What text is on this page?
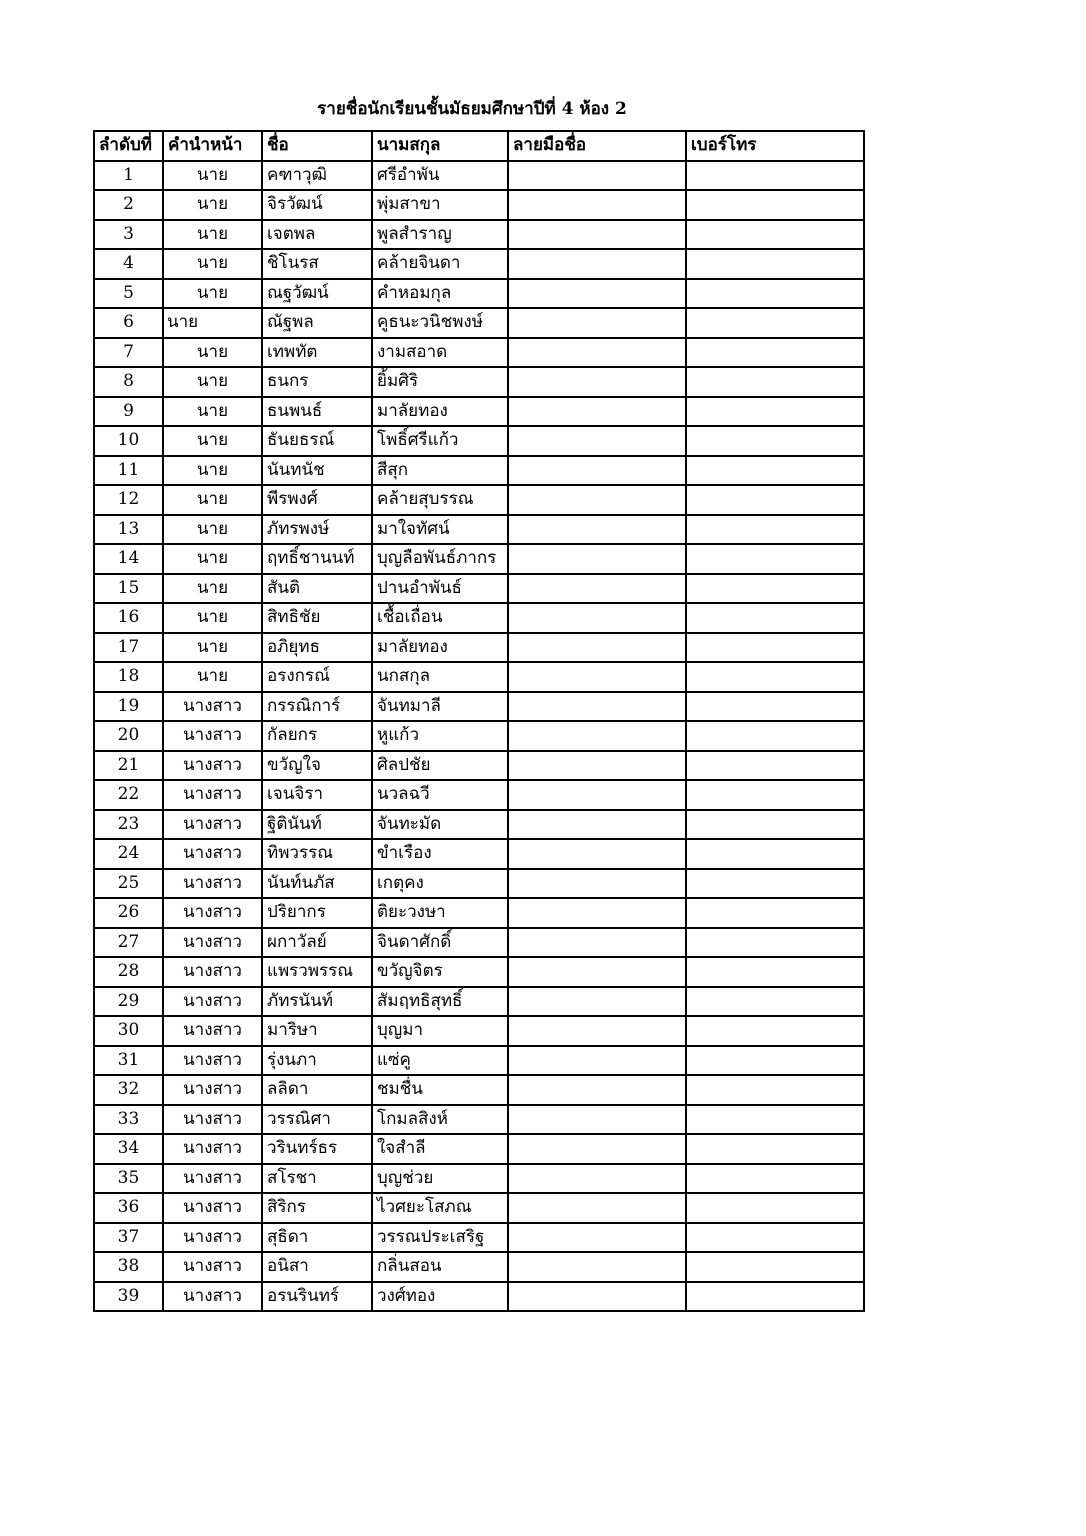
รายชื่อนักเรียนชั้นมัธยมศึกษาปีที่ 4 ห้อง 2
ลำดับที่	คำนำหน้า	ชื่อ	นามสกุล	ลายมือชื่อ	เบอร์โทร
1	นาย	คฑาวุฒิ	ศรีอำพัน		
2	นาย	จิรวัฒน์	พุ่มสาขา		
3	นาย	เจตพล	พูลสำราญ		
4	นาย	ชิโนรส	คล้ายจินดา		
5	นาย	ณฐวัฒน์	คำหอมกุล		
6	นาย	ณัฐพล	คูธนะวนิชพงษ์		
7	นาย	เทพทัต	งามสอาด		
8	นาย	ธนกร	ยิ้มศิริ		
9	นาย	ธนพนธ์	มาลัยทอง		
10	นาย	ธันยธรณ์	โพธิ์ศรีแก้ว		
11	นาย	นันทนัช	สีสุก		
12	นาย	พีรพงศ์	คล้ายสุบรรณ		
13	นาย	ภัทรพงษ์	มาใจทัศน์		
14	นาย	ฤทธิ์ชานนท์	บุญลือพันธ์ภากร		
15	นาย	สันติ	ปานอำพันธ์		
16	นาย	สิทธิชัย	เชื้อเถื่อน		
17	นาย	อภิยุทธ	มาลัยทอง		
18	นาย	อรงกรณ์	นกสกุล		
19	นางสาว	กรรณิการ์	จันทมาลี		
20	นางสาว	กัลยกร	หูแก้ว		
21	นางสาว	ขวัญใจ	ศิลปชัย		
22	นางสาว	เจนจิรา	นวลฉวี		
23	นางสาว	ฐิตินันท์	จันทะมัด		
24	นางสาว	ทิพวรรณ	ขำเรือง		
25	นางสาว	นันท์นภัส	เกตุคง		
26	นางสาว	ปริยากร	ติยะวงษา		
27	นางสาว	ผกาวัลย์	จินดาศักดิ์		
28	นางสาว	แพรวพรรณ	ขวัญจิตร		
29	นางสาว	ภัทรนันท์	สัมฤทธิสุทธิ์		
30	นางสาว	มาริษา	บุญมา		
31	นางสาว	รุ่งนภา	แซ่คู		
32	นางสาว	ลลิดา	ชมชื่น		
33	นางสาว	วรรณิศา	โกมลสิงห์		
34	นางสาว	วรินทร์ธร	ใจสำลี		
35	นางสาว	สโรชา	บุญช่วย		
36	นางสาว	สิริกร	ไวศยะโสภณ		
37	นางสาว	สุธิดา	วรรณประเสริฐ		
38	นางสาว	อนิสา	กลิ่นสอน		
39	นางสาว	อรนรินทร์	วงศ์ทอง		
